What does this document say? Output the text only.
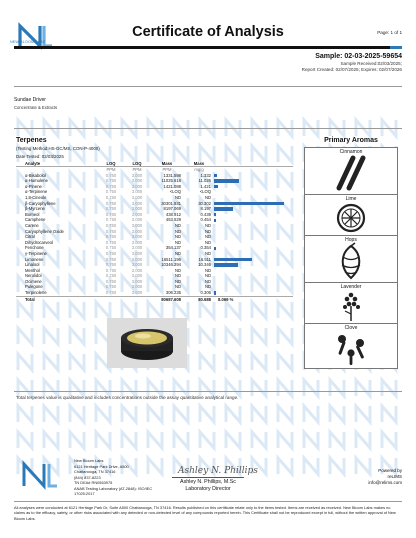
NEW BLOOM LABS
Certificate of Analysis	Page: 1 of 1
Sample: 02-03-2025-59654
Sample Received:02/03/2025;
Report Created: 02/07/2025; Expires: 02/07/2026
Sundae Driver
Concentrate & Extracts
Terpenes
(Testing Method:HS-GC/MS, CON-P-4000)
Date Tested: 02/03/2025
Analyte	LOQ	LOQ	Mass	Mass	
	PPM	PPM	PPM	mg/g	
α-Bisabolol	0.750	3.000	1331.598	1.332	
α-Humulene	0.750	3.000	11025.618	11.026	
α-Pinene	0.750	3.000	1421.088	1.421	
α-Terpinene	0.750	3.000	<LOQ	<LOQ	
1,8-Cineole	0.750	3.000	ND	ND	
β-Caryophyllene	0.750	3.000	30301.931	30.302	
β-Myrcene	0.750	3.000	8197.069	8.197	
Borneol	0.750	3.000	438.912	0.439	
Camphene	0.750	3.000	453.529	0.454	
Carene	0.750	3.000	ND	ND	
Caryophyllene Oxide	0.750	3.000	ND	ND	
Citral	0.750	3.000	ND	ND	
Dihydrocarveol	0.750	3.000	ND	ND	
Fenchone	0.750	3.000	354.137	0.354	
γ-Terpinene	0.750	3.000	ND	ND	
Limonene	0.750	3.000	16511.196	16.511	
Linalool	0.750	3.000	10346.294	10.346	
Menthol	0.750	3.000	ND	ND	
Nerolidol	0.750	3.000	ND	ND	
Ocimene	0.750	3.000	ND	ND	
Pulegone	0.750	3.000	ND	ND	
Terpinolene	0.750	3.000	306.235	0.306	
Total			80687.608	80.688	8.069 %
Total terpenes value is qualitative and includes concentrations outside the assay quantitative analytical range.
Primary Aromas
Cinnamon
Lime
Hops
Lavender
Clove
New Bloom Labs
6121 Heritage Park Drive, A500
Chattanooga, TN 37416
(844) 837-8223
TN DEA# RN0563975
ANAB Testing Laboratory (AT-2848): ISO/IEC
17025:2017
Ashley N. Phillips
Ashley N. Phillips, M.Sc
Laboratory Director
Powered by
reLIMS
info@relims.com
All analyses were conducted at 6121 Heritage Park Dr, Suite A500 Chattanooga, TN 37416. Results published on this certificate relate only to the items tested. Items are received as received. New Bloom Labs makes no claims as to the efficacy, safety, or other risks associated with any detected or non-detected level of any compounds reported herein. This Certificate shall not be reproduced except in full, without the written approval of New Bloom Labs.
